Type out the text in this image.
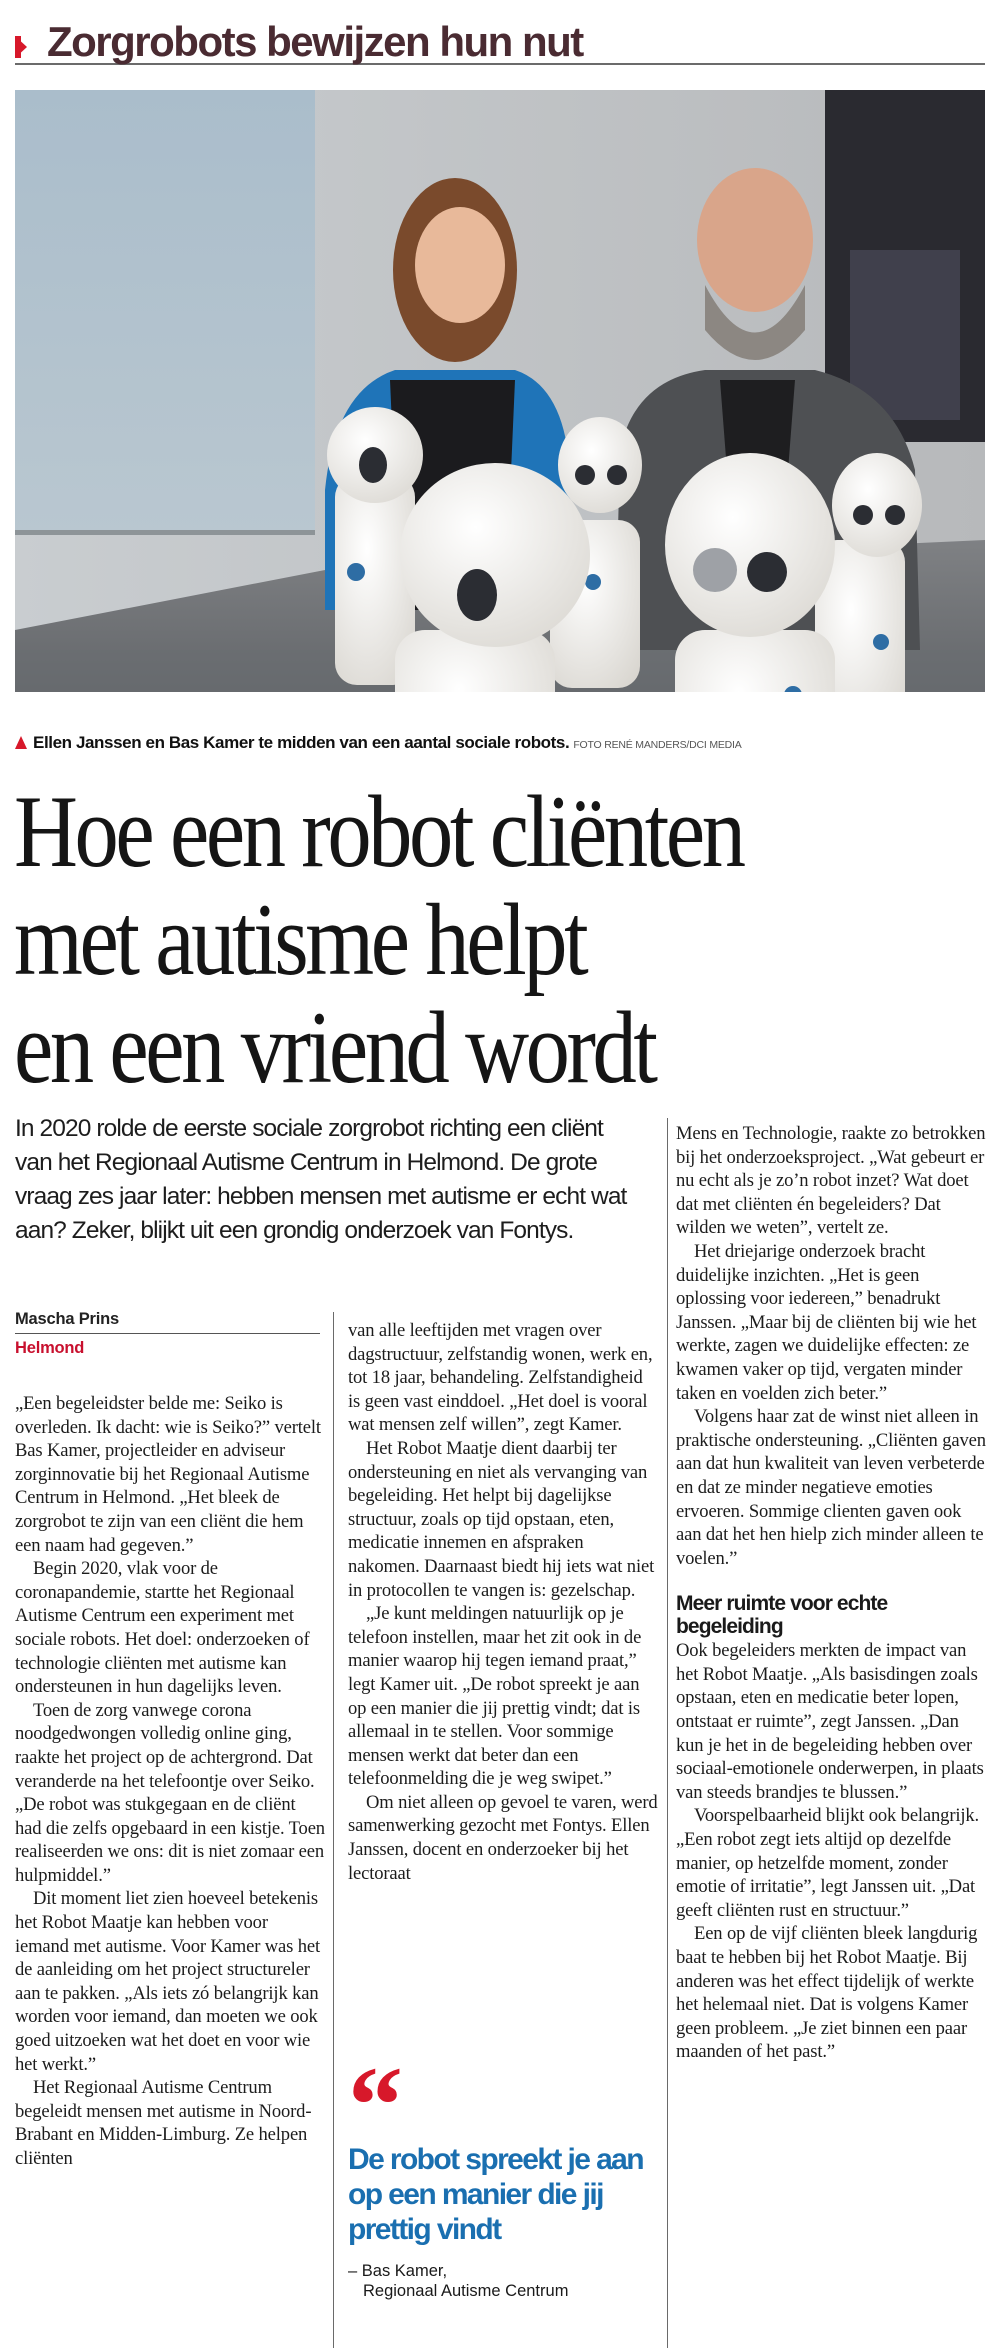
Zorgrobots bewijzen hun nut
Ellen Janssen en Bas Kamer te midden van een aantal sociale robots. FOTO RENÉ MANDERS/DCI MEDIA
Hoe een robot cliënten
met autisme helpt
en een vriend wordt
In 2020 rolde de eerste sociale zorgrobot richting een cliënt van het Regionaal Autisme Centrum in Helmond. De grote vraag zes jaar later: hebben mensen met autisme er echt wat aan? Zeker, blijkt uit een grondig onderzoek van Fontys.
Mascha Prins
Helmond

„Een begeleidster belde me: Seiko is overleden. Ik dacht: wie is Seiko?” vertelt Bas Kamer, projectleider en adviseur zorginnovatie bij het Regionaal Autisme Centrum in Helmond. „Het bleek de zorgrobot te zijn van een cliënt die hem een naam had gegeven.”

Begin 2020, vlak voor de coronapandemie, startte het Regionaal Autisme Centrum een experiment met sociale robots. Het doel: onderzoeken of technologie cliënten met autisme kan ondersteunen in hun dagelijks leven.

Toen de zorg vanwege corona noodgedwongen volledig online ging, raakte het project op de achtergrond. Dat veranderde na het telefoontje over Seiko. „De robot was stukgegaan en de cliënt had die zelfs opgebaard in een kistje. Toen realiseerden we ons: dit is niet zomaar een hulpmiddel.”

Dit moment liet zien hoeveel betekenis het Robot Maatje kan hebben voor iemand met autisme. Voor Kamer was het de aanleiding om het project structureler aan te pakken. „Als iets zó belangrijk kan worden voor iemand, dan moeten we ook goed uitzoeken wat het doet en voor wie het werkt.”

Het Regionaal Autisme Centrum begeleidt mensen met autisme in Noord-Brabant en Midden-Limburg. Ze helpen cliënten

van alle leeftijden met vragen over dagstructuur, zelfstandig wonen, werk en, tot 18 jaar, behandeling. Zelfstandigheid is geen vast einddoel. „Het doel is vooral wat mensen zelf willen”, zegt Kamer.

Het Robot Maatje dient daarbij ter ondersteuning en niet als vervanging van begeleiding. Het helpt bij dagelijkse structuur, zoals op tijd opstaan, eten, medicatie innemen en afspraken nakomen. Daarnaast biedt hij iets wat niet in protocollen te vangen is: gezelschap.

„Je kunt meldingen natuurlijk op je telefoon instellen, maar het zit ook in de manier waarop hij tegen iemand praat,” legt Kamer uit. „De robot spreekt je aan op een manier die jij prettig vindt; dat is allemaal in te stellen. Voor sommige mensen werkt dat beter dan een telefoonmelding die je weg swipet.”

Om niet alleen op gevoel te varen, werd samenwerking gezocht met Fontys. Ellen Janssen, docent en onderzoeker bij het lectoraat

“
De robot spreekt je aan op een manier die jij prettig vindt
– Bas Kamer,
Regionaal Autisme Centrum

Mens en Technologie, raakte zo betrokken bij het onderzoeksproject. „Wat gebeurt er nu echt als je zo’n robot inzet? Wat doet dat met cliënten én begeleiders? Dat wilden we weten”, vertelt ze.

Het driejarige onderzoek bracht duidelijke inzichten. „Het is geen oplossing voor iedereen,” benadrukt Janssen. „Maar bij de cliënten bij wie het werkte, zagen we duidelijke effecten: ze kwamen vaker op tijd, vergaten minder taken en voelden zich beter.”

Volgens haar zat de winst niet alleen in praktische ondersteuning. „Cliënten gaven aan dat hun kwaliteit van leven verbeterde en dat ze minder negatieve emoties ervoeren. Sommige clienten gaven ook aan dat het hen hielp zich minder alleen te voelen.”

Meer ruimte voor echte begeleiding

Ook begeleiders merkten de impact van het Robot Maatje. „Als basisdingen zoals opstaan, eten en medicatie beter lopen, ontstaat er ruimte”, zegt Janssen. „Dan kun je het in de begeleiding hebben over sociaal-emotionele onderwerpen, in plaats van steeds brandjes te blussen.”

Voorspelbaarheid blijkt ook belangrijk. „Een robot zegt iets altijd op dezelfde manier, op hetzelfde moment, zonder emotie of irritatie”, legt Janssen uit. „Dat geeft cliënten rust en structuur.”

Een op de vijf cliënten bleek langdurig baat te hebben bij het Robot Maatje. Bij anderen was het effect tijdelijk of werkte het helemaal niet. Dat is volgens Kamer geen probleem. „Je ziet binnen een paar maanden of het past.”
